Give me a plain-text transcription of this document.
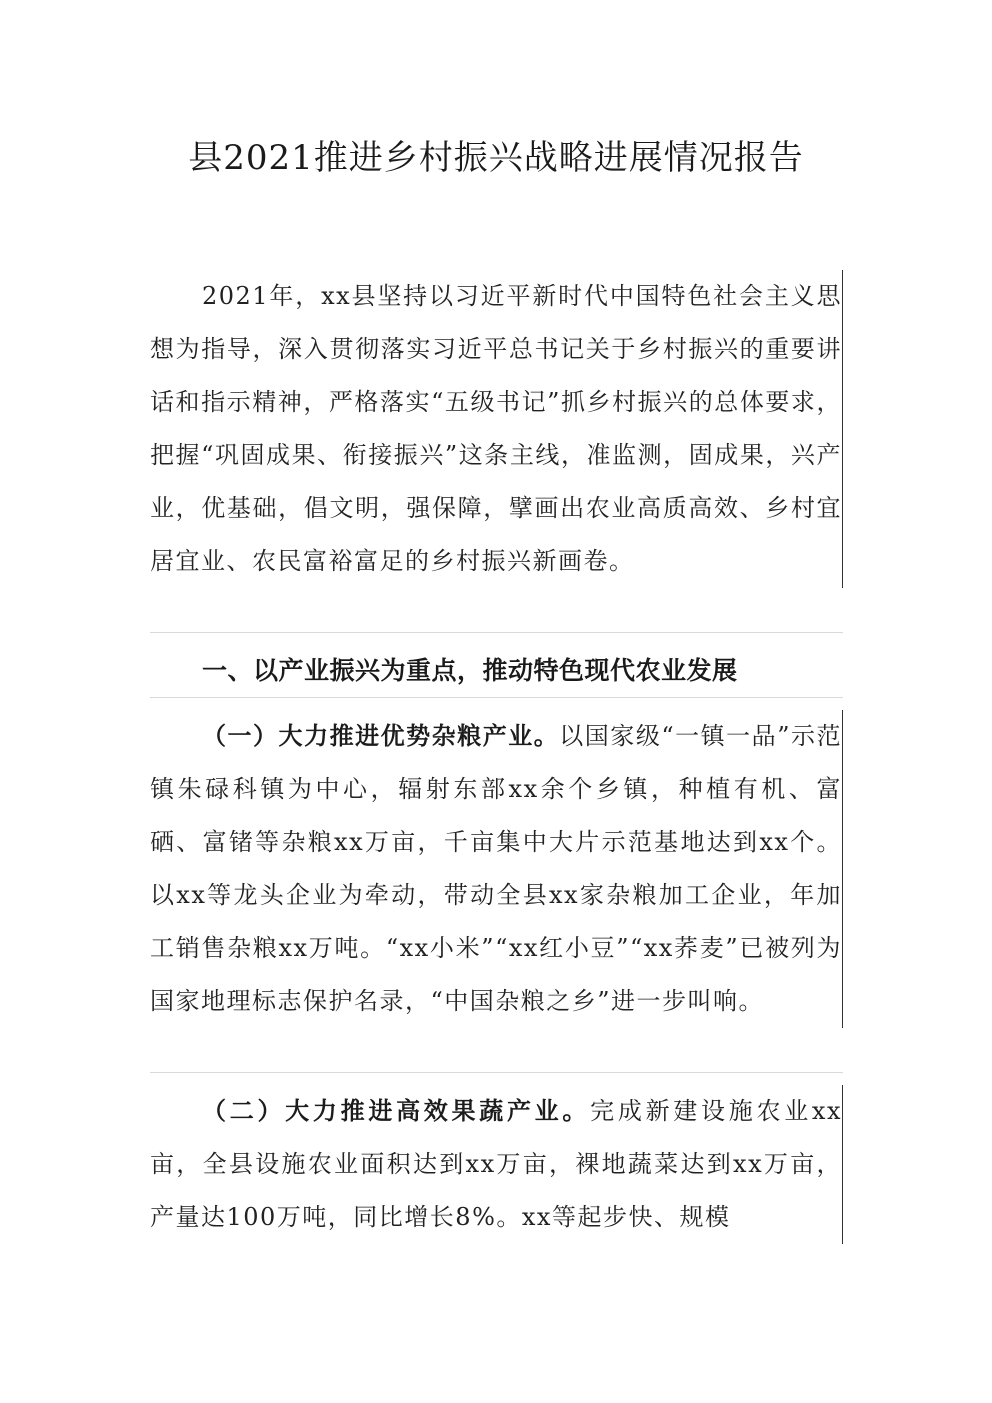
县2021推进乡村振兴战略进展情况报告

2021年，xx县坚持以习近平新时代中国特色社会主义思想为指导，深入贯彻落实习近平总书记关于乡村振兴的重要讲话和指示精神，严格落实“五级书记”抓乡村振兴的总体要求，把握“巩固成果、衔接振兴”这条主线，准监测，固成果，兴产业，优基础，倡文明，强保障，擘画出农业高质高效、乡村宜居宜业、农民富裕富足的乡村振兴新画卷。

一、以产业振兴为重点，推动特色现代农业发展

（一）大力推进优势杂粮产业。以国家级“一镇一品”示范镇朱碌科镇为中心，辐射东部xx余个乡镇，种植有机、富硒、富锗等杂粮xx万亩，千亩集中大片示范基地达到xx个。以xx等龙头企业为牵动，带动全县xx家杂粮加工企业，年加工销售杂粮xx万吨。“xx小米”“xx红小豆”“xx荞麦”已被列为国家地理标志保护名录，“中国杂粮之乡”进一步叫响。

（二）大力推进高效果蔬产业。完成新建设施农业xx亩，全县设施农业面积达到xx万亩，裸地蔬菜达到xx万亩，产量达100万吨，同比增长8%。xx等起步快、规模
